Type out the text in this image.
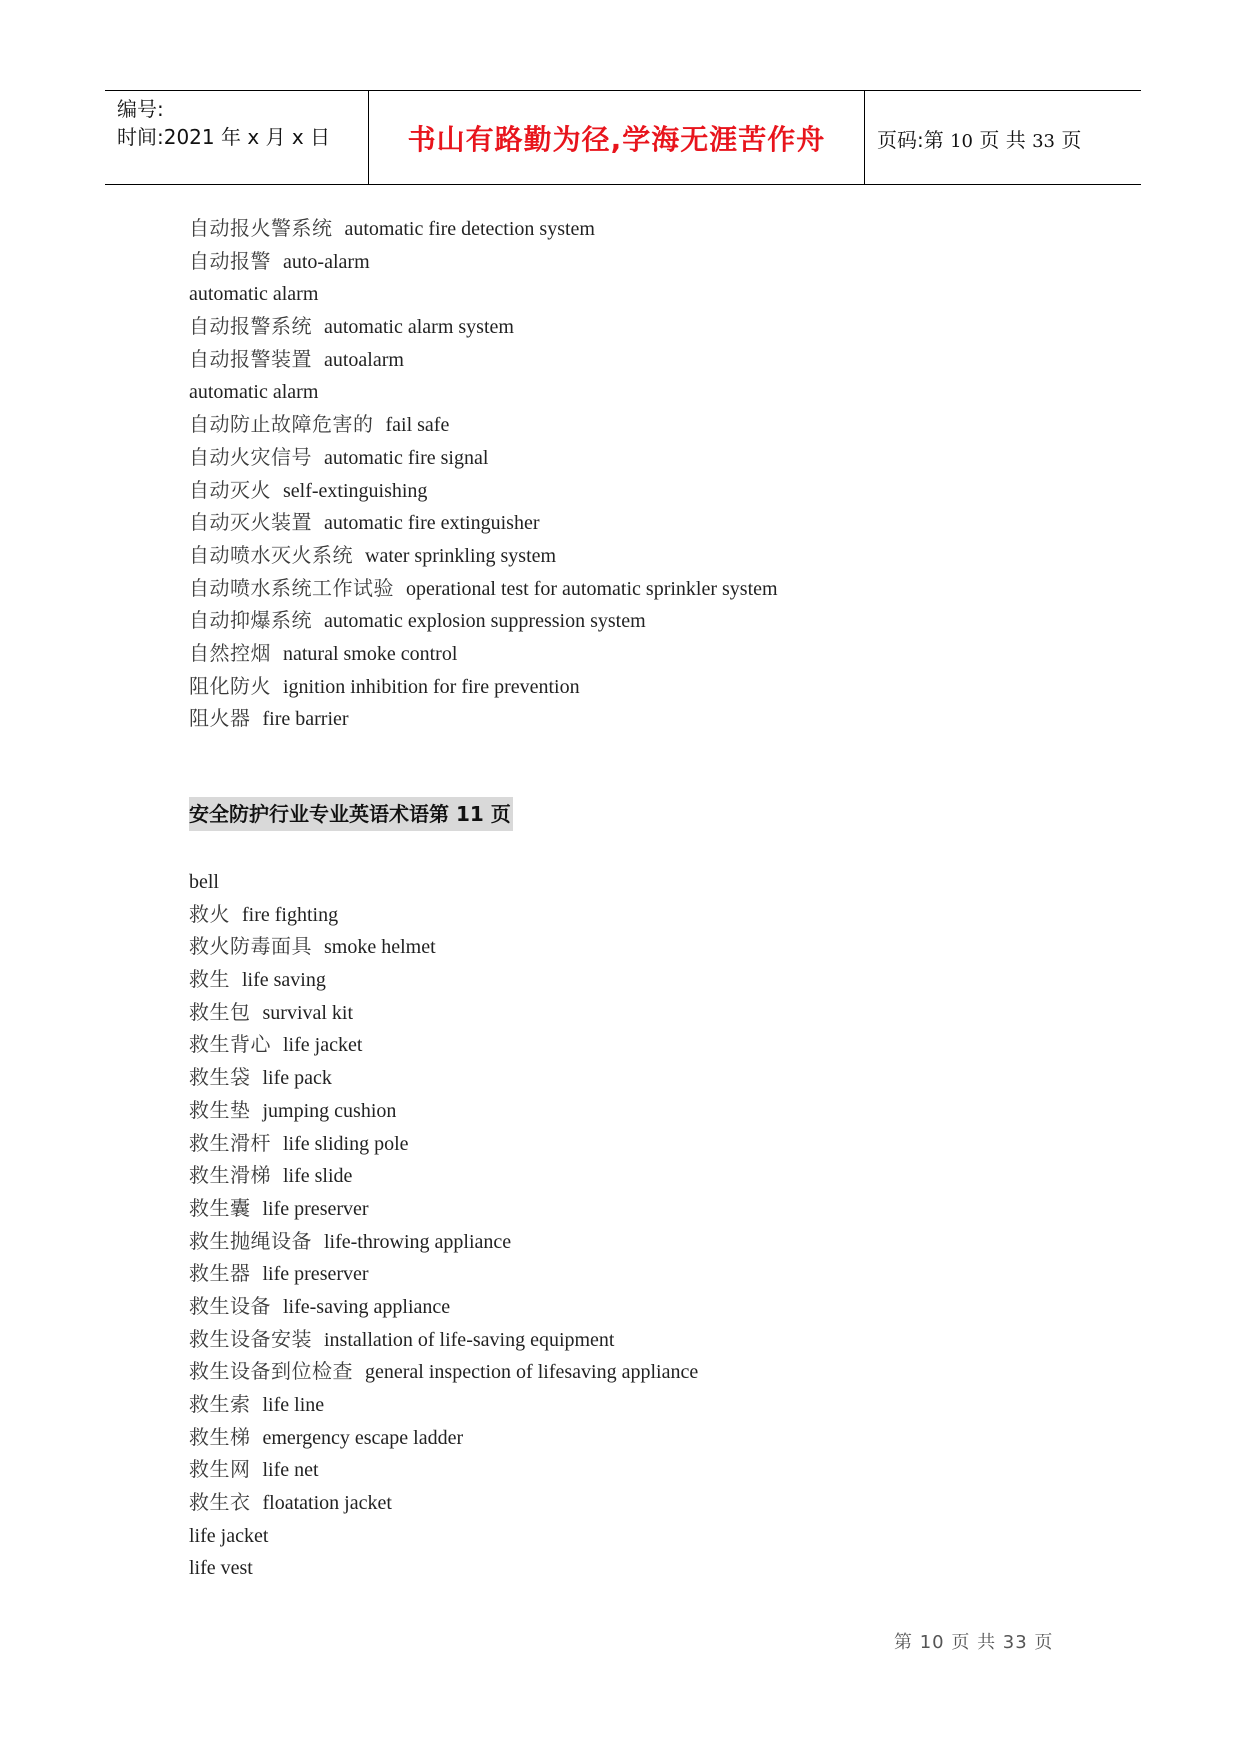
编号:
时间:2021 年 x 月 x 日	书山有路勤为径,学海无涯苦作舟	页码:第 10 页 共 33 页
自动报火警系统 automatic fire detection system
自动报警 auto-alarm
automatic alarm
自动报警系统 automatic alarm system
自动报警装置 autoalarm
automatic alarm
自动防止故障危害的 fail safe
自动火灾信号 automatic fire signal
自动灭火 self-extinguishing
自动灭火装置 automatic fire extinguisher
自动喷水灭火系统 water sprinkling system
自动喷水系统工作试验 operational test for automatic sprinkler system
自动抑爆系统 automatic explosion suppression system
自然控烟 natural smoke control
阻化防火 ignition inhibition for fire prevention
阻火器 fire barrier
安全防护行业专业英语术语第 11 页
bell
救火 fire fighting
救火防毒面具 smoke helmet
救生 life saving
救生包 survival kit
救生背心 life jacket
救生袋 life pack
救生垫 jumping cushion
救生滑杆 life sliding pole
救生滑梯 life slide
救生囊 life preserver
救生抛绳设备 life-throwing appliance
救生器 life preserver
救生设备 life-saving appliance
救生设备安装 installation of life-saving equipment
救生设备到位检查 general inspection of lifesaving appliance
救生索 life line
救生梯 emergency escape ladder
救生网 life net
救生衣 floatation jacket
life jacket
life vest
第 10 页 共 33 页
